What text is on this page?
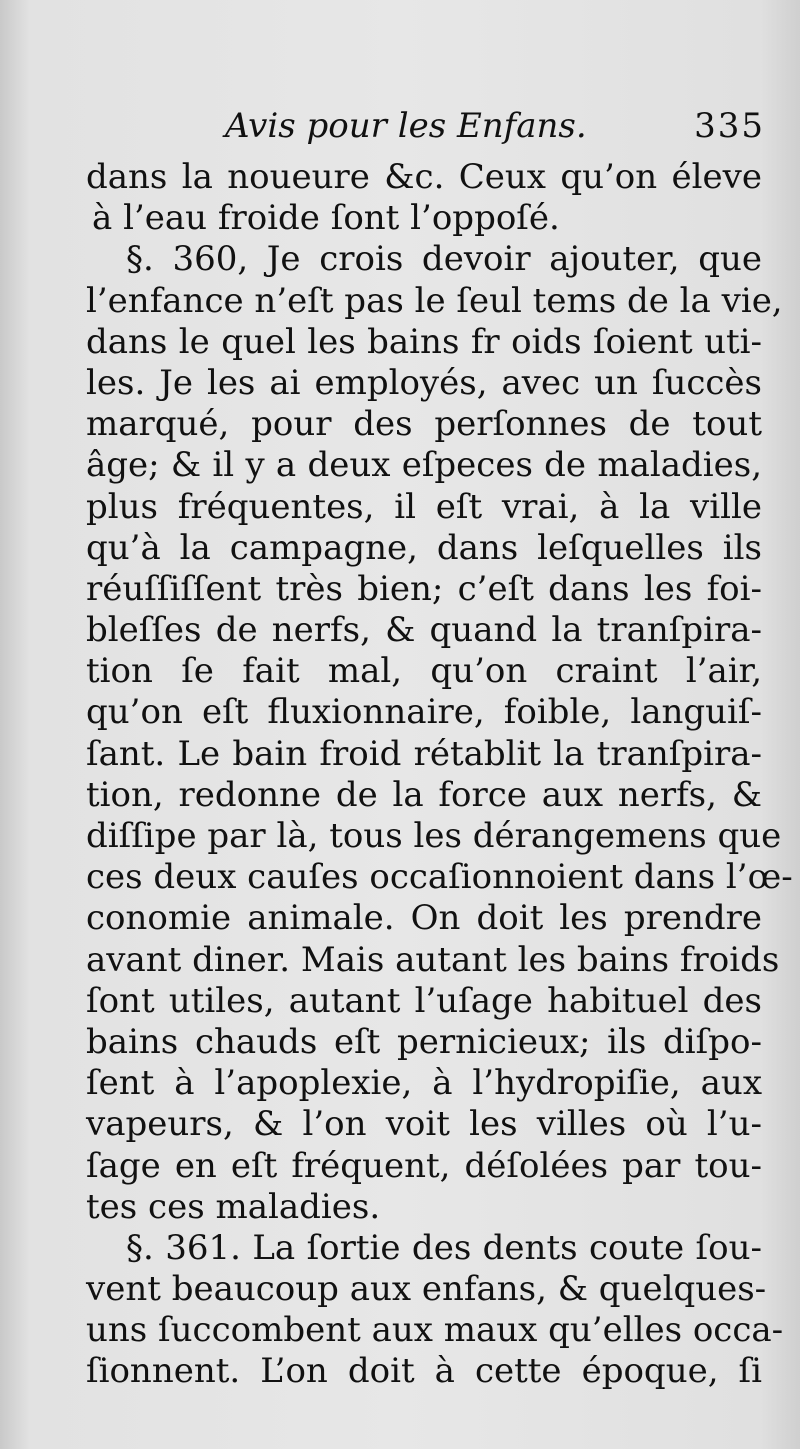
Avis pour les Enfans.	335
dans la noueure &c. Ceux qu’on éleve
à l’eau froide ſont l’oppoſé.
§. 360, Je crois devoir ajouter, que
l’enfance n’eſt pas le ſeul tems de la vie,
dans le quel les bains fr oids ſoient uti-
les. Je les ai employés, avec un ſuccès
marqué, pour des perſonnes de tout
âge; & il y a deux eſpeces de maladies,
plus fréquentes, il eſt vrai, à la ville
qu’à la campagne, dans leſquelles ils
réuſſiſſent très bien; c’eſt dans les foi-
bleſſes de nerfs, & quand la tranſpira-
tion ſe fait mal, qu’on craint l’air,
qu’on eſt fluxionnaire, foible, languiſ-
ſant. Le bain froid rétablit la tranſpira-
tion, redonne de la force aux nerfs, &
diſſipe par là, tous les dérangemens que
ces deux cauſes occaſionnoient dans l’œ-
conomie animale. On doit les prendre
avant diner. Mais autant les bains froids
ſont utiles, autant l’uſage habituel des
bains chauds eſt pernicieux; ils diſpo-
ſent à l’apoplexie, à l’hydropiſie, aux
vapeurs, & l’on voit les villes où l’u-
ſage en eſt fréquent, déſolées par tou-
tes ces maladies.
§. 361. La ſortie des dents coute ſou-
vent beaucoup aux enfans, & quelques-
uns ſuccombent aux maux qu’elles occa-
ſionnent. L’on doit à cette époque, ſi
